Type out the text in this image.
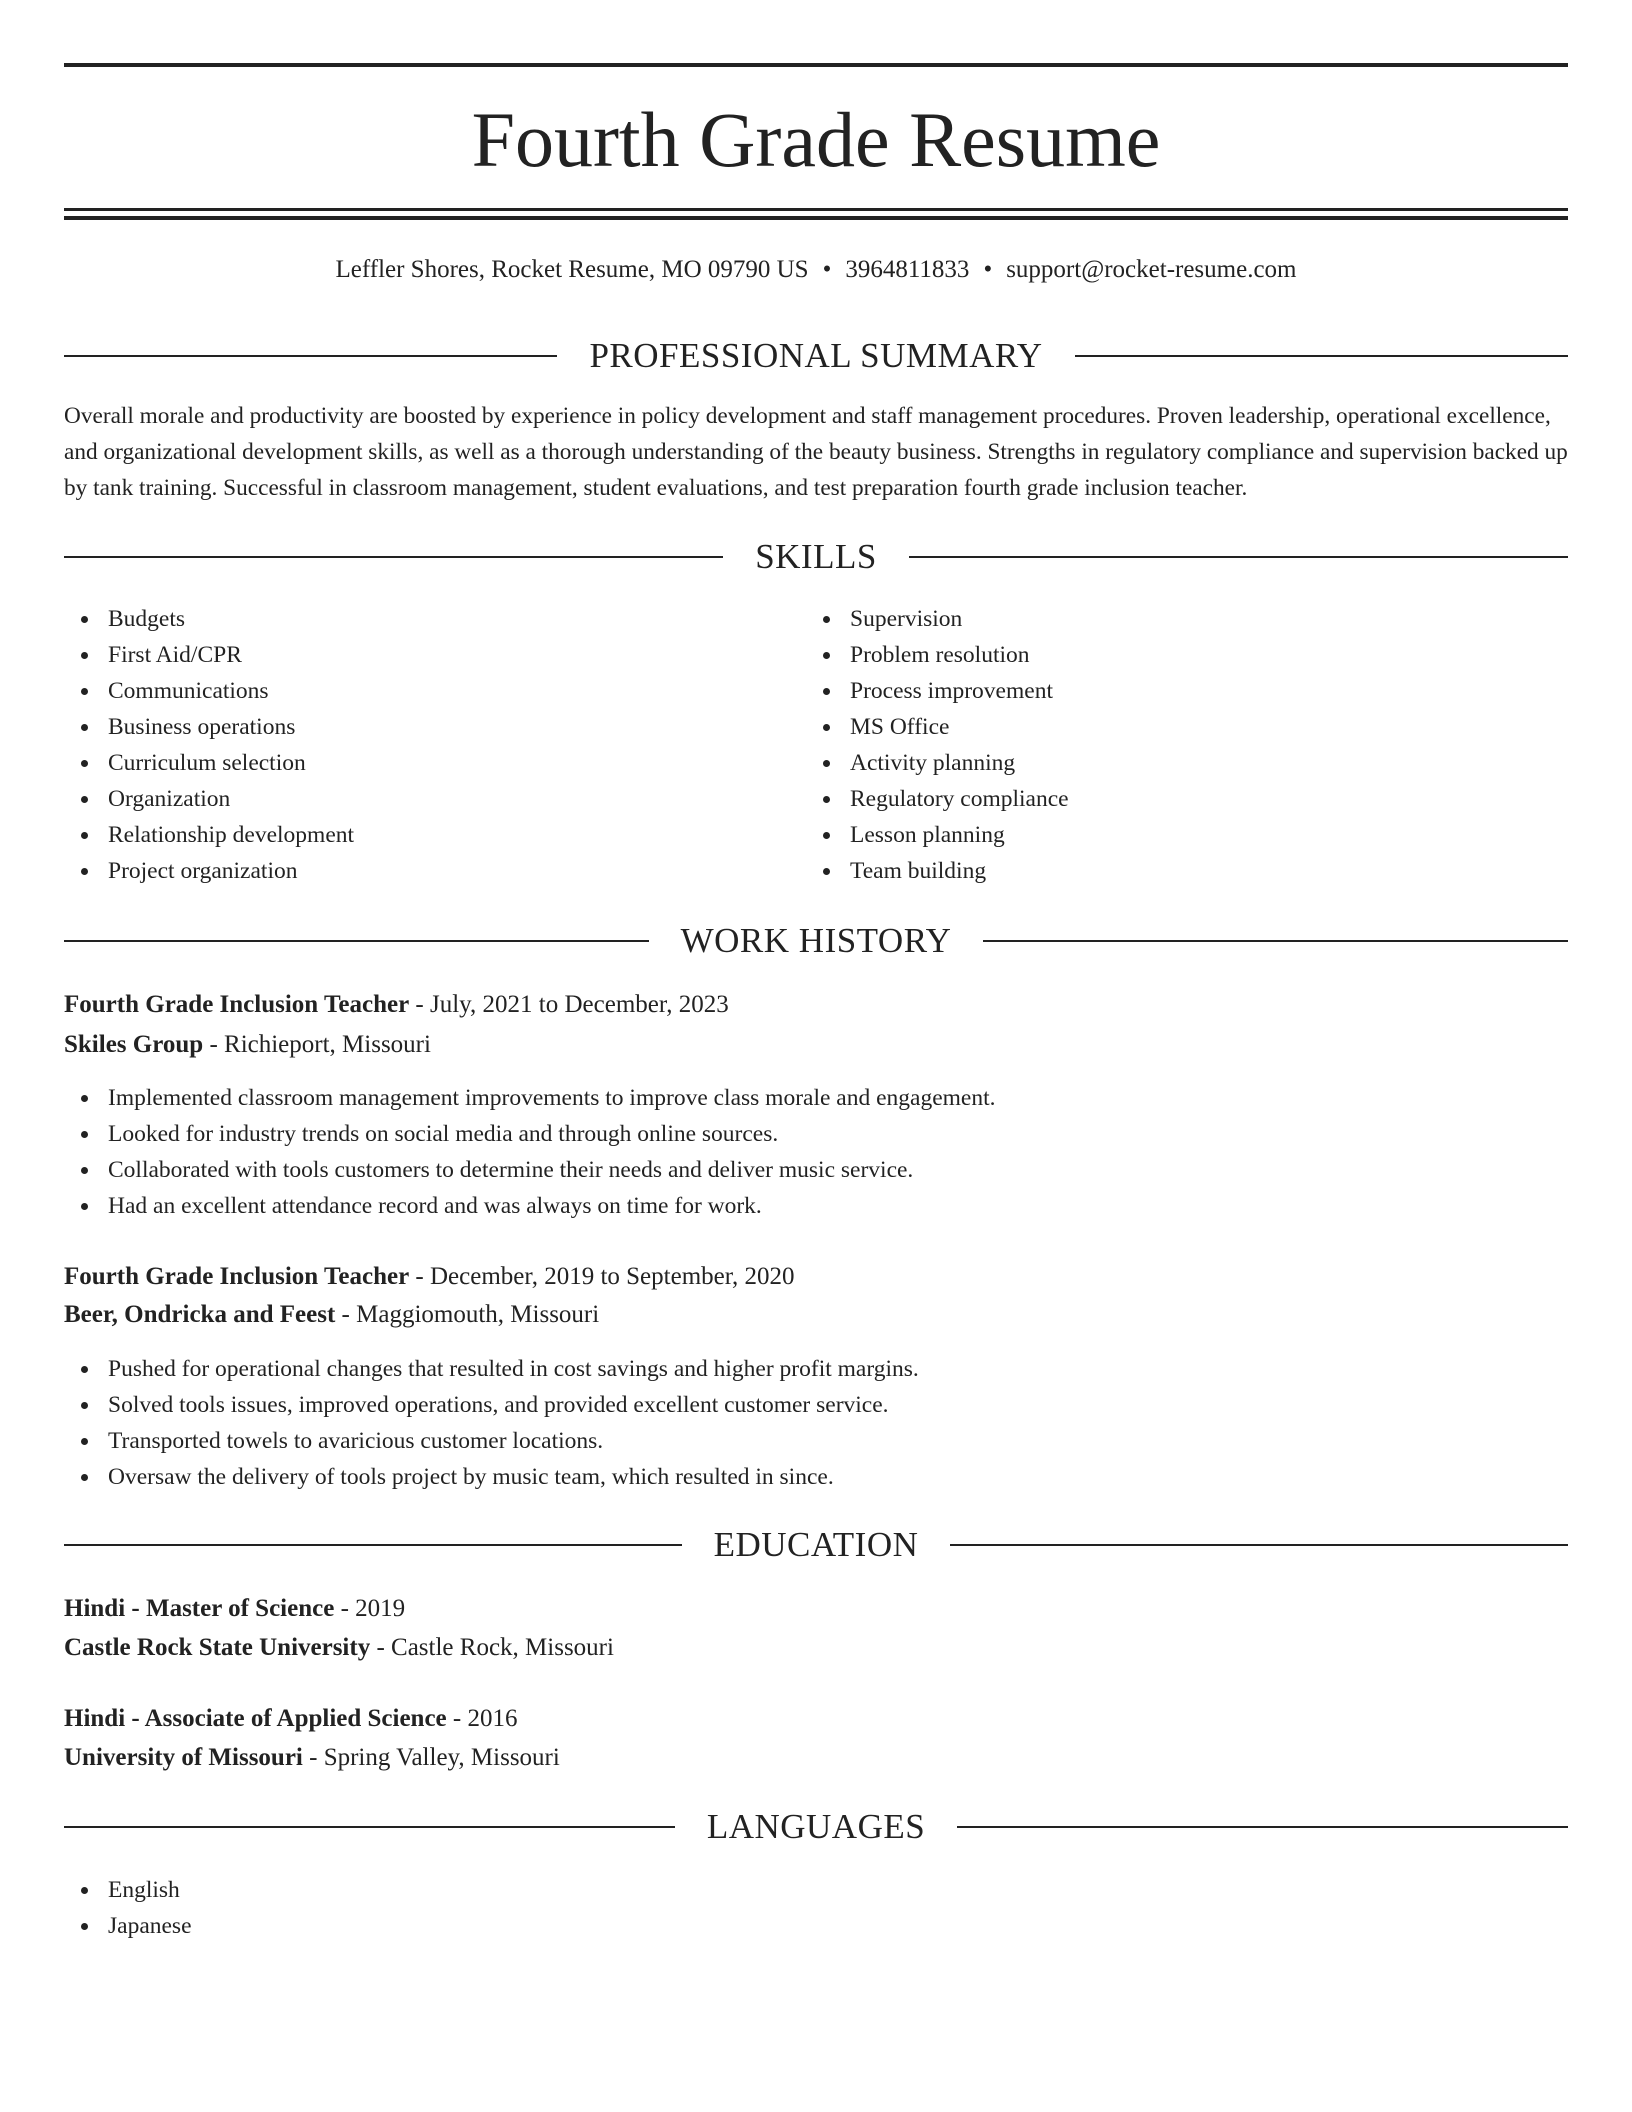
Fourth Grade Resume
Leffler Shores, Rocket Resume, MO 09790 US • 3964811833 • support@rocket-resume.com
PROFESSIONAL SUMMARY

Overall morale and productivity are boosted by experience in policy development and staff management procedures. Proven leadership, operational excellence, and organizational development skills, as well as a thorough understanding of the beauty business. Strengths in regulatory compliance and supervision backed up by tank training. Successful in classroom management, student evaluations, and test preparation fourth grade inclusion teacher.

SKILLS
Budgets
First Aid/CPR
Communications
Business operations
Curriculum selection
Organization
Relationship development
Project organization
Supervision
Problem resolution
Process improvement
MS Office
Activity planning
Regulatory compliance
Lesson planning
Team building
WORK HISTORY
Fourth Grade Inclusion Teacher - July, 2021 to December, 2023
Skiles Group - Richieport, Missouri
Implemented classroom management improvements to improve class morale and engagement.
Looked for industry trends on social media and through online sources.
Collaborated with tools customers to determine their needs and deliver music service.
Had an excellent attendance record and was always on time for work.
Fourth Grade Inclusion Teacher - December, 2019 to September, 2020
Beer, Ondricka and Feest - Maggiomouth, Missouri
Pushed for operational changes that resulted in cost savings and higher profit margins.
Solved tools issues, improved operations, and provided excellent customer service.
Transported towels to avaricious customer locations.
Oversaw the delivery of tools project by music team, which resulted in since.
EDUCATION
Hindi - Master of Science - 2019
Castle Rock State University - Castle Rock, Missouri
Hindi - Associate of Applied Science - 2016
University of Missouri - Spring Valley, Missouri
LANGUAGES
English
Japanese
